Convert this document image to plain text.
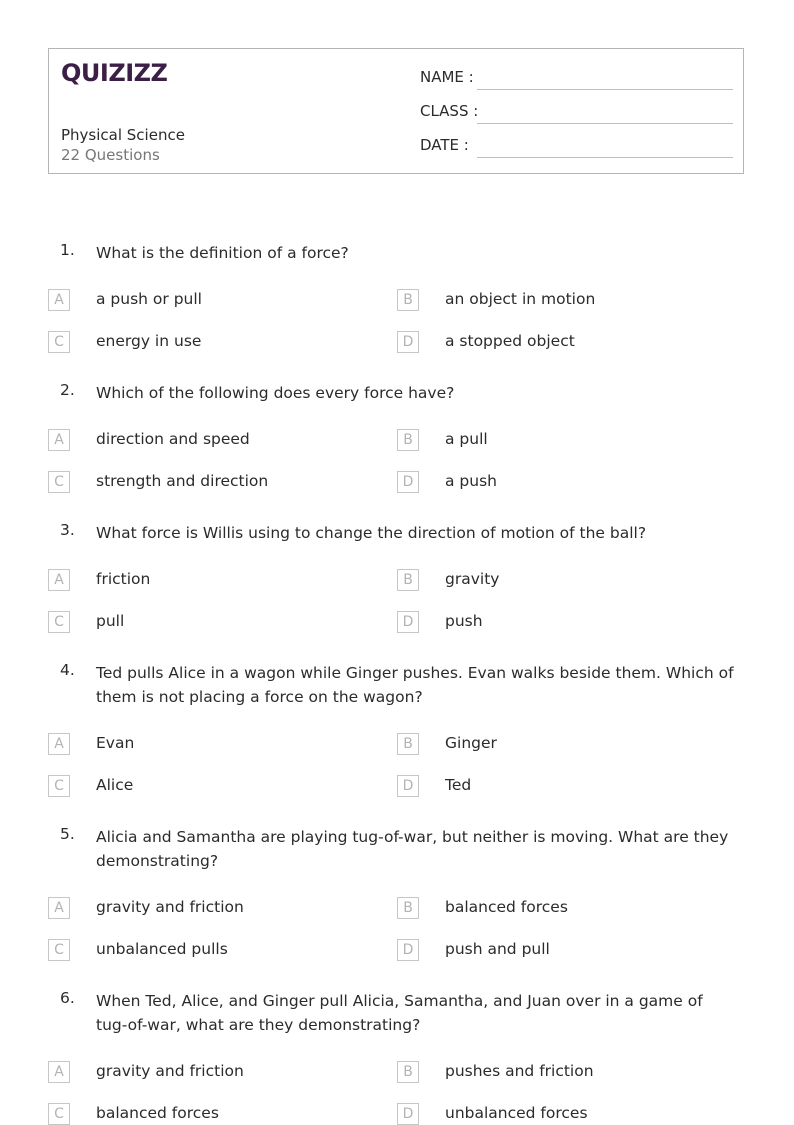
QUIZIZZ
Physical Science
22 Questions
NAME :
CLASS :
DATE :
1. What is the definition of a force?
A	a push or pull	B	an object in motion
C	energy in use	D	a stopped object
2. Which of the following does every force have?
A	direction and speed	B	a pull
C	strength and direction	D	a push
3. What force is Willis using to change the direction of motion of the ball?
A	friction	B	gravity
C	pull	D	push
4. Ted pulls Alice in a wagon while Ginger pushes. Evan walks beside them. Which of them is not placing a force on the wagon?
A	Evan	B	Ginger
C	Alice	D	Ted
5. Alicia and Samantha are playing tug-of-war, but neither is moving. What are they demonstrating?
A	gravity and friction	B	balanced forces
C	unbalanced pulls	D	push and pull
6. When Ted, Alice, and Ginger pull Alicia, Samantha, and Juan over in a game of tug-of-war, what are they demonstrating?
A	gravity and friction	B	pushes and friction
C	balanced forces	D	unbalanced forces
